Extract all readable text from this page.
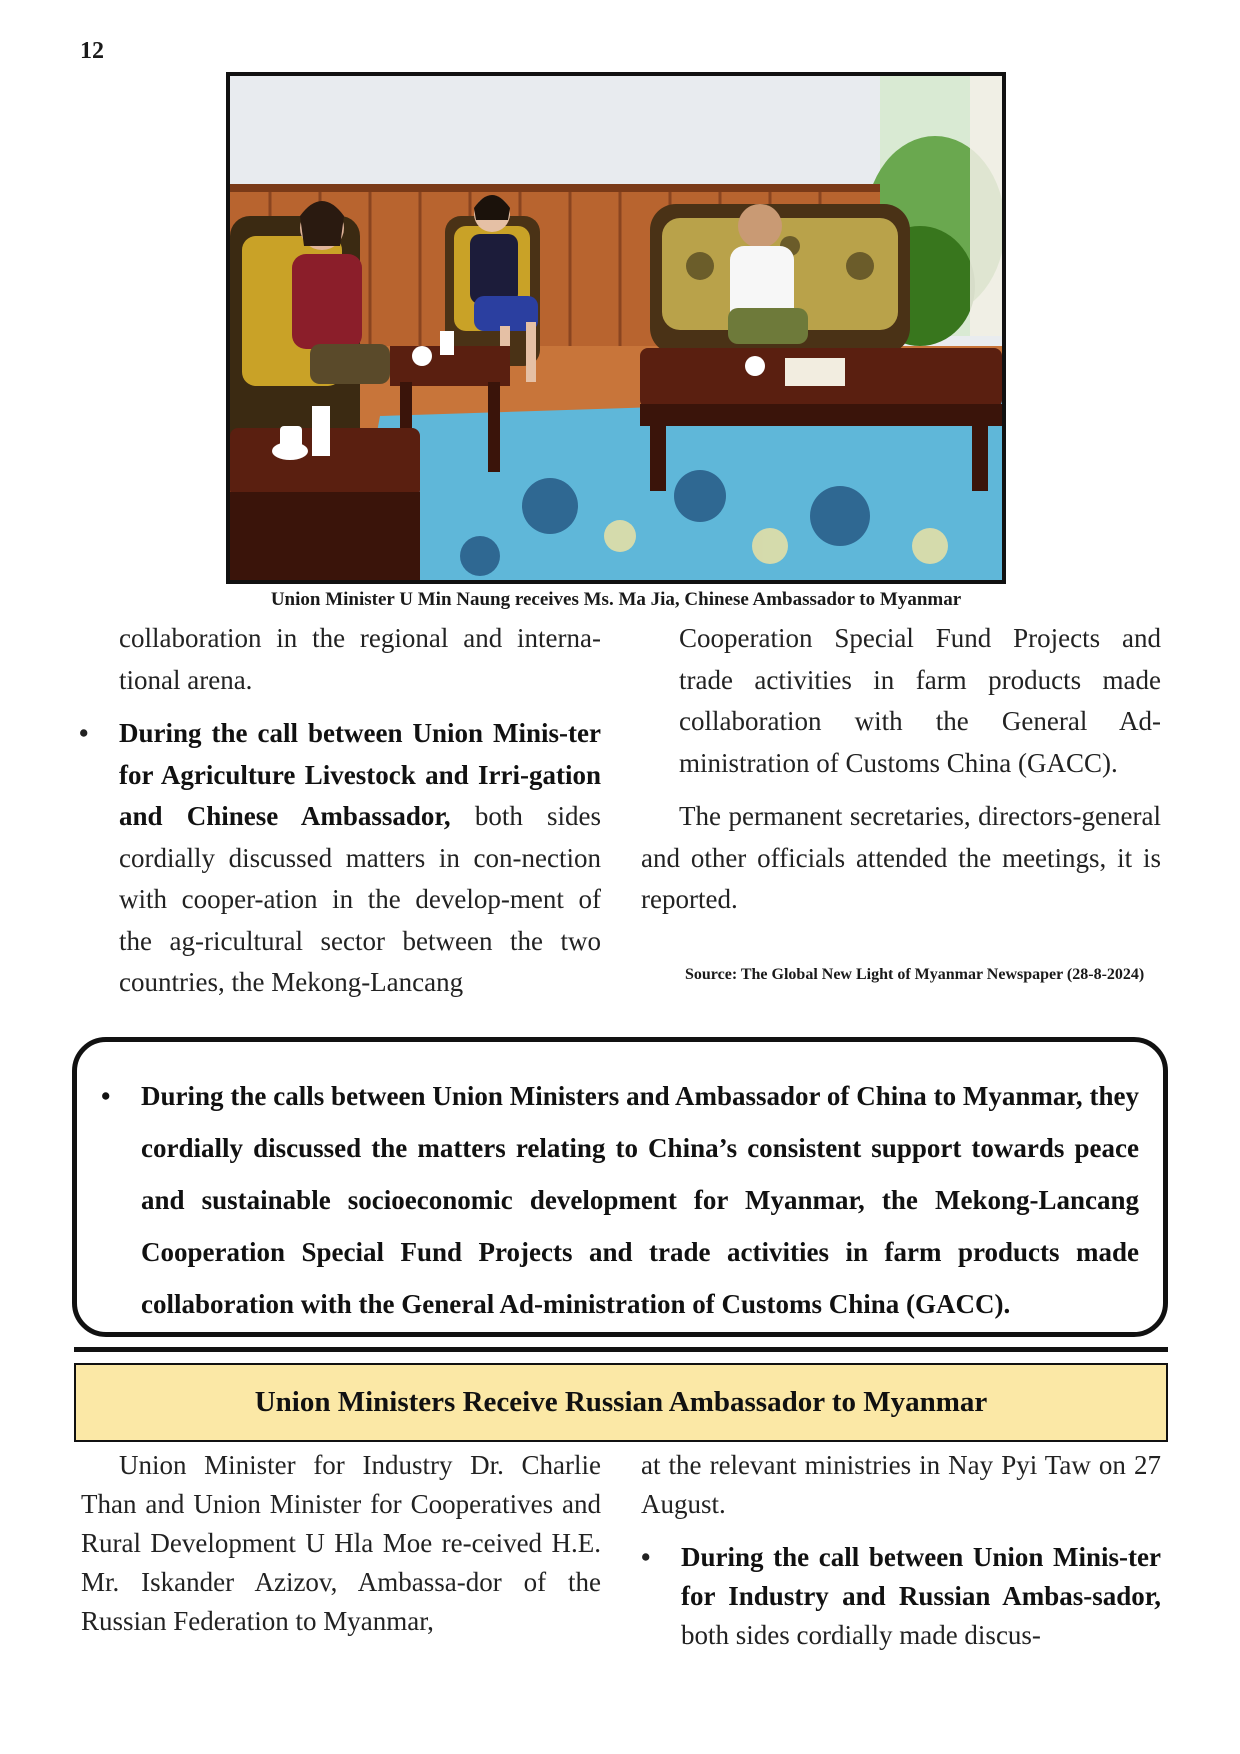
12
Union Minister U Min Naung receives Ms. Ma Jia, Chinese Ambassador to Myanmar

collaboration in the regional and interna-tional arena.

• During the call between Union Minis-ter for Agriculture Livestock and Irri-gation and Chinese Ambassador, both sides cordially discussed matters in con-nection with cooper-ation in the develop-ment of the ag-ricultural sector between the two countries, the Mekong-Lancang

Cooperation Special Fund Projects and trade activities in farm products made collaboration with the General Ad-ministration of Customs China (GACC).

The permanent secretaries, directors-general and other officials attended the meetings, it is reported.

Source: The Global New Light of Myanmar Newspaper (28-8-2024)

• During the calls between Union Ministers and Ambassador of China to Myanmar, they cordially discussed the matters relating to China’s consistent support towards peace and sustainable socioeconomic development for Myanmar, the Mekong-Lancang Cooperation Special Fund Projects and trade activities in farm products made collaboration with the General Ad-ministration of Customs China (GACC).

Union Ministers Receive Russian Ambassador to Myanmar

Union Minister for Industry Dr. Charlie Than and Union Minister for Cooperatives and Rural Development U Hla Moe re-ceived H.E. Mr. Iskander Azizov, Ambassa-dor of the Russian Federation to Myanmar,

at the relevant ministries in Nay Pyi Taw on 27 August.

• During the call between Union Minis-ter for Industry and Russian Ambas-sador, both sides cordially made discus-
